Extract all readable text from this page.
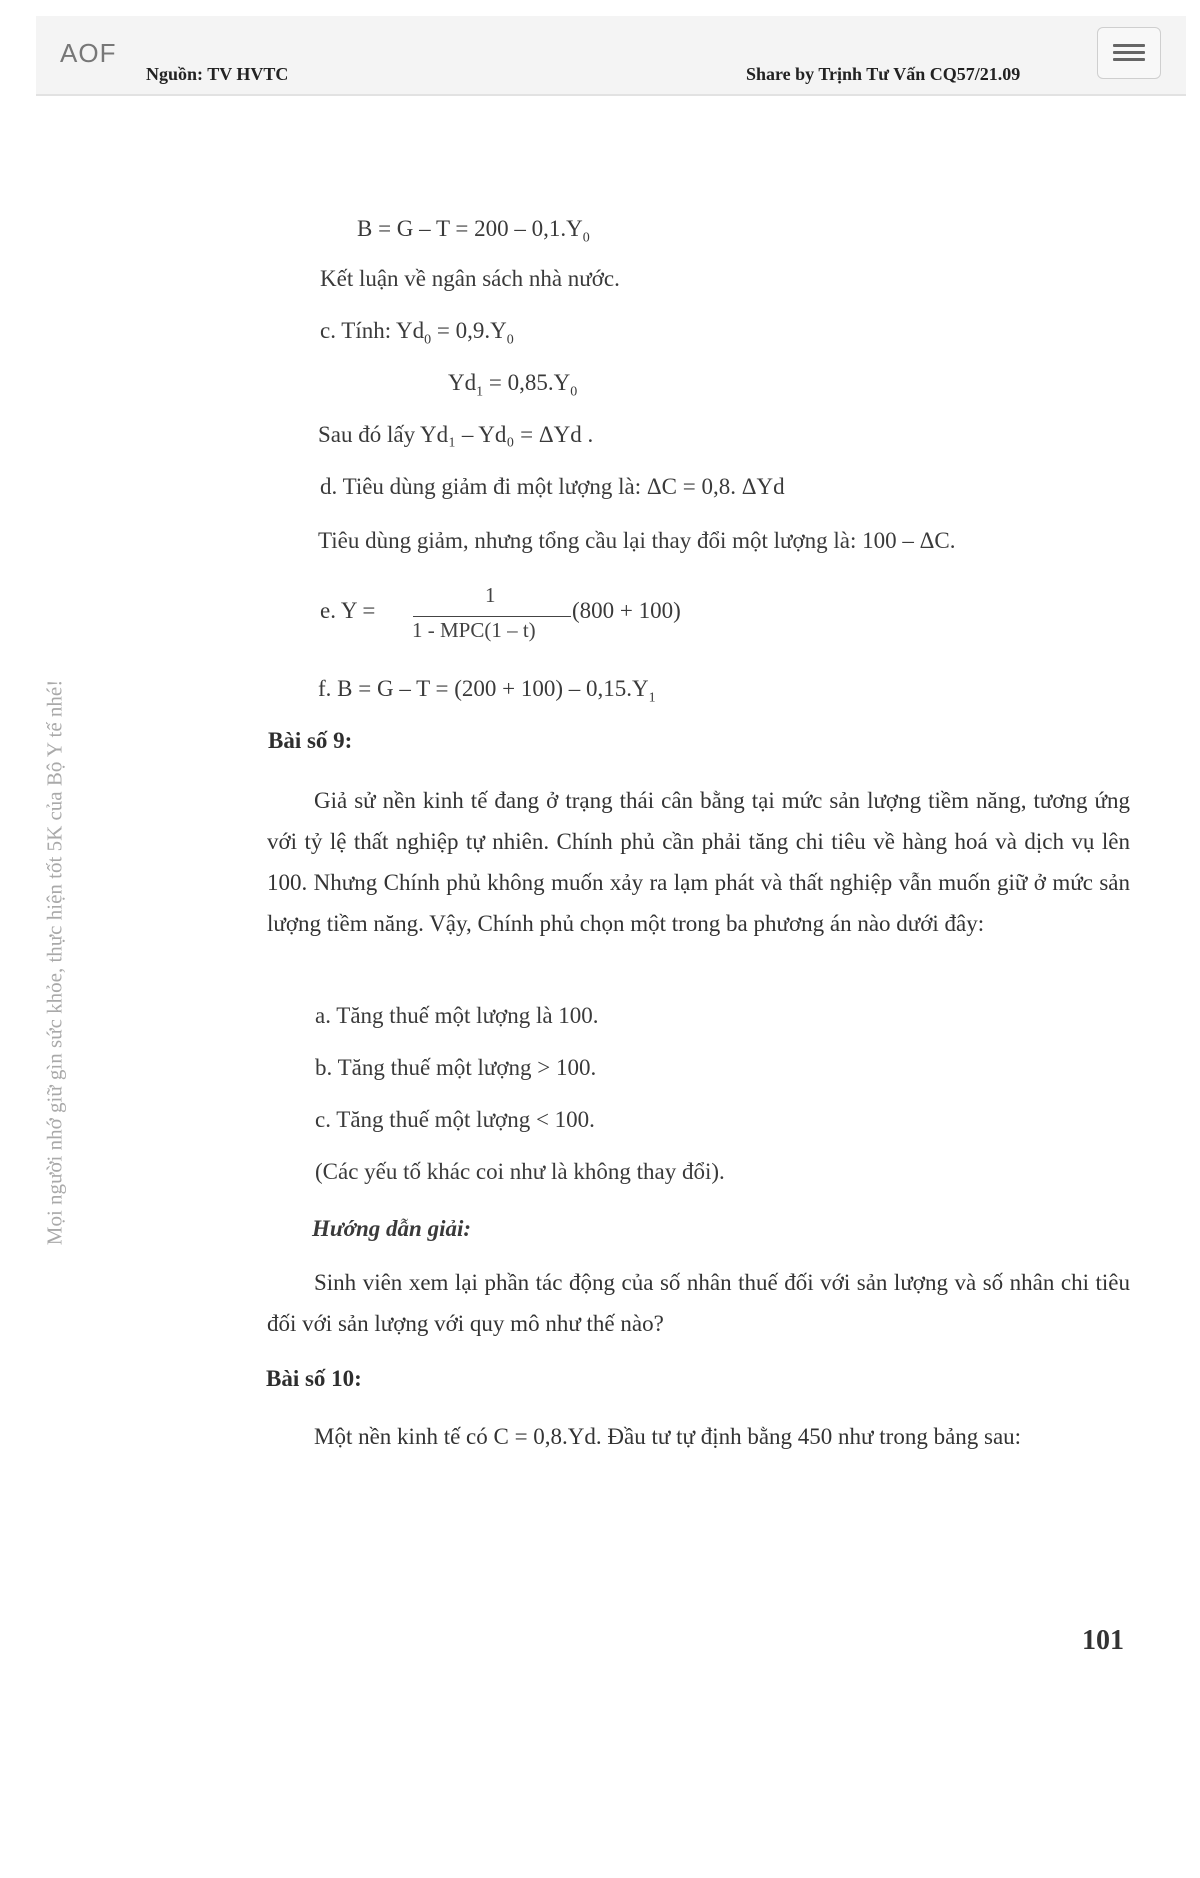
AOF
Nguồn: TV HVTC	Share by Trịnh Tư Vấn CQ57/21.09
Mọi người nhớ giữ gìn sức khỏe, thực hiện tốt 5K của Bộ Y tế nhé!
$B = G - T = 200 - 0,1.Y_0$
Kết luận về ngân sách nhà nước.
c. Tính: $Yd_0 = 0,9.Y_0$
$Yd_1 = 0,85.Y_0$
Sau đó lấy Yd₁ – Yd₀ = ΔYd .
d. Tiêu dùng giảm đi một lượng là: ΔC = 0,8. ΔYd
Tiêu dùng giảm, nhưng tổng cầu lại thay đổi một lượng là: 100 – ΔC.
e. Y =
1
1 - MPC(1 – t)
(800 + 100)
f. $B = G - T = (200 + 100) - 0,15.Y_1$
Bài số 9:
Giả sử nền kinh tế đang ở trạng thái cân bằng tại mức sản lượng tiềm năng, tương ứng với tỷ lệ thất nghiệp tự nhiên. Chính phủ cần phải tăng chi tiêu về hàng hoá và dịch vụ lên 100. Nhưng Chính phủ không muốn xảy ra lạm phát và thất nghiệp vẫn muốn giữ ở mức sản lượng tiềm năng. Vậy, Chính phủ chọn một trong ba phương án nào dưới đây:
a. Tăng thuế một lượng là 100.
b. Tăng thuế một lượng > 100.
c. Tăng thuế một lượng < 100.
(Các yếu tố khác coi như là không thay đổi).
Hướng dẫn giải:
Sinh viên xem lại phần tác động của số nhân thuế đối với sản lượng và số nhân chi tiêu đối với sản lượng với quy mô như thế nào?
Bài số 10:
Một nền kinh tế có C = 0,8.Yd. Đầu tư tự định bằng 450 như trong bảng sau:
101
